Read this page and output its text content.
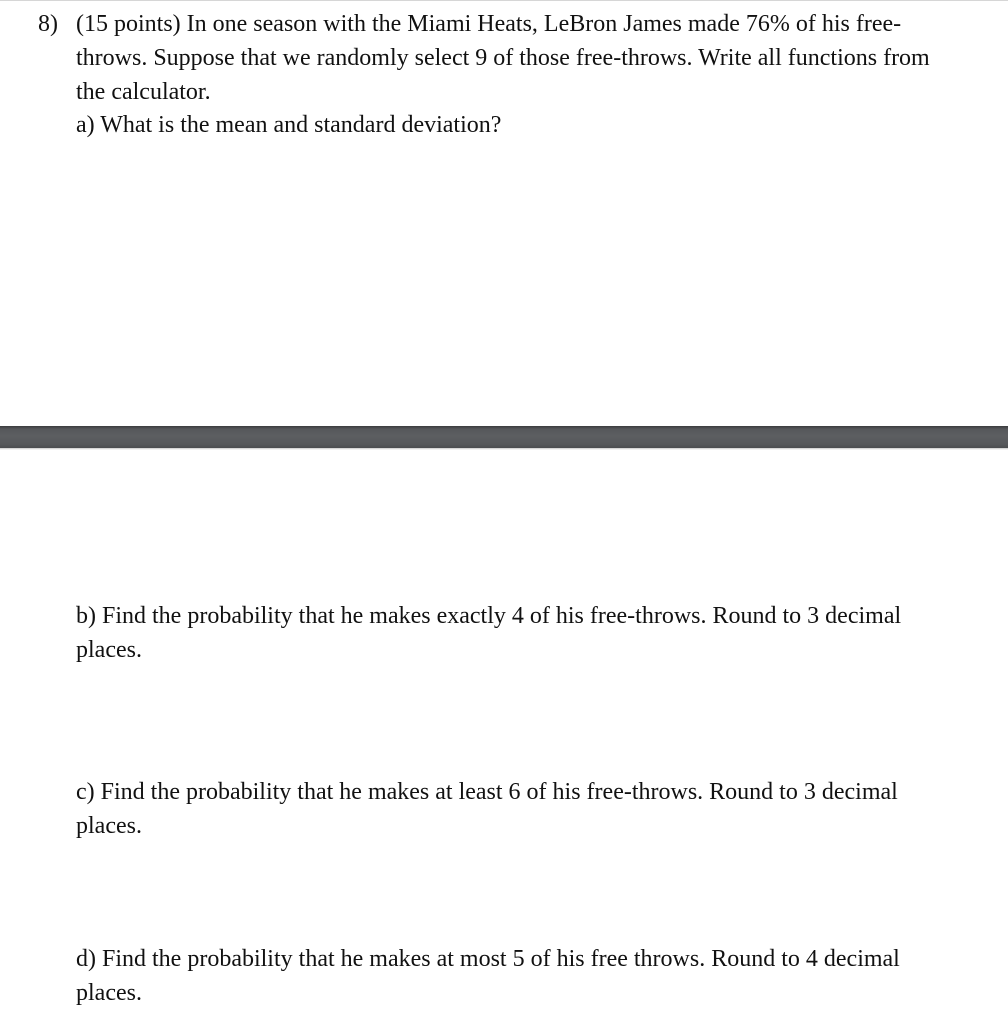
8) (15 points) In one season with the Miami Heats, LeBron James made 76% of his free-
throws. Suppose that we randomly select 9 of those free-throws. Write all functions from
the calculator.
a) What is the mean and standard deviation?
b) Find the probability that he makes exactly 4 of his free-throws. Round to 3 decimal
places.
c) Find the probability that he makes at least 6 of his free-throws. Round to 3 decimal
places.
d) Find the probability that he makes at most 5 of his free throws. Round to 4 decimal
places.
